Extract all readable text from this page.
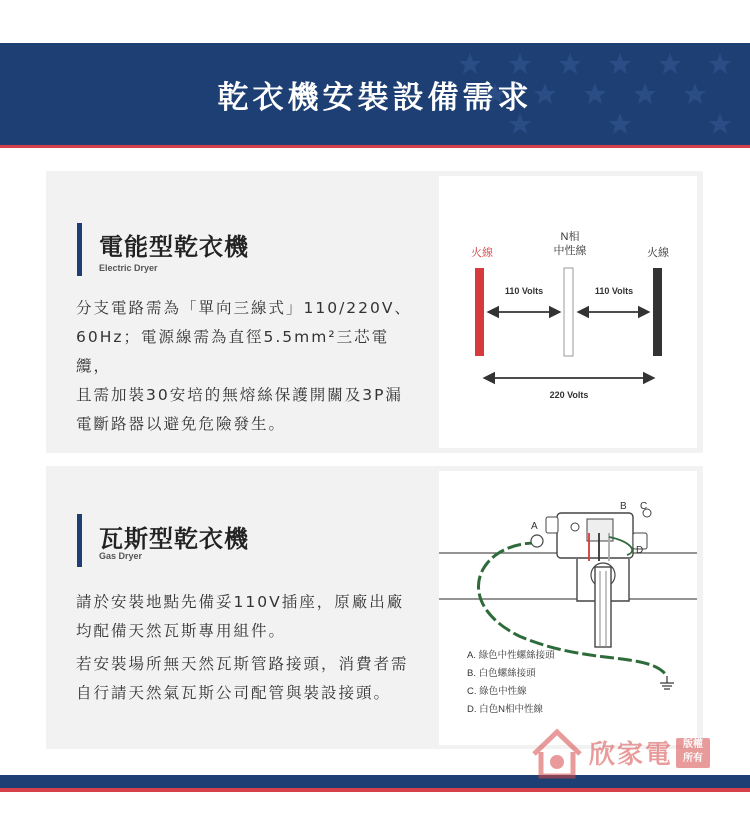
乾衣機安裝設備需求
電能型乾衣機
Electric Dryer
分支電路需為「單向三線式」110/220V、
60Hz；電源線需為直徑5.5mm²三芯電纜，
且需加裝30安培的無熔絲保護開關及3P漏
電斷路器以避免危險發生。
火線
N相
中性線	火線
110 Volts	110 Volts
220 Volts
瓦斯型乾衣機
Gas Dryer
請於安裝地點先備妥110V插座，原廠出廠
均配備天然瓦斯專用組件。
若安裝場所無天然瓦斯管路接頭，消費者需
自行請天然氣瓦斯公司配管與裝設接頭。
A
B C
D
A. 綠色中性螺絲接頭
B. 白色螺絲接頭
C. 綠色中性線
D. 白色N相中性線
欣家電 版權
所有
